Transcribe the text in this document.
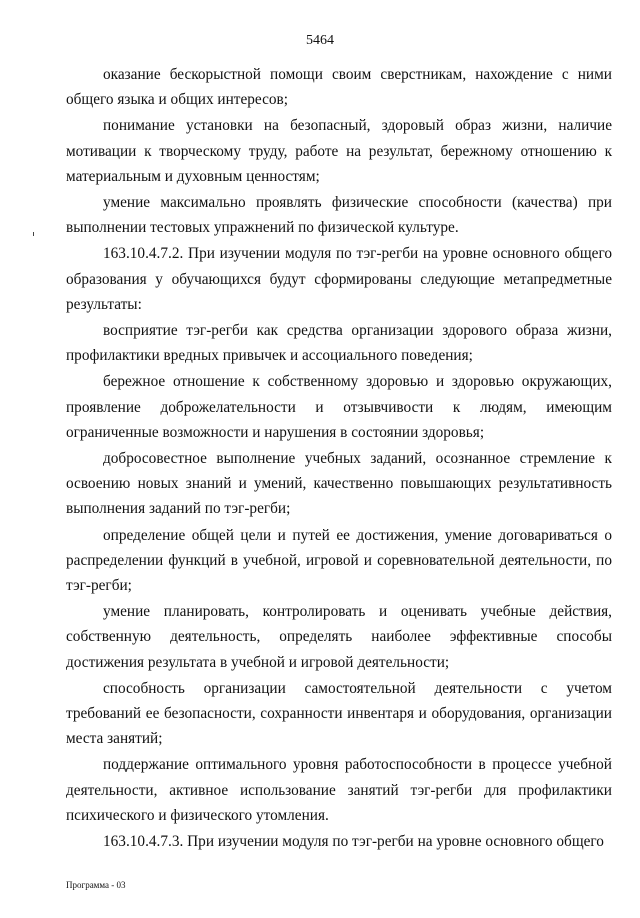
5464

оказание бескорыстной помощи своим сверстникам, нахождение с ними общего языка и общих интересов;

понимание установки на безопасный, здоровый образ жизни, наличие мотивации к творческому труду, работе на результат, бережному отношению к материальным и духовным ценностям;

умение максимально проявлять физические способности (качества) при выполнении тестовых упражнений по физической культуре.

163.10.4.7.2. При изучении модуля по тэг-регби на уровне основного общего образования у обучающихся будут сформированы следующие метапредметные результаты:

восприятие тэг-регби как средства организации здорового образа жизни, профилактики вредных привычек и ассоциального поведения;

бережное отношение к собственному здоровью и здоровью окружающих, проявление доброжелательности и отзывчивости к людям, имеющим ограниченные возможности и нарушения в состоянии здоровья;

добросовестное выполнение учебных заданий, осознанное стремление к освоению новых знаний и умений, качественно повышающих результативность выполнения заданий по тэг-регби;

определение общей цели и путей ее достижения, умение договариваться о распределении функций в учебной, игровой и соревновательной деятельности, по тэг-регби;

умение планировать, контролировать и оценивать учебные действия, собственную деятельность, определять наиболее эффективные способы достижения результата в учебной и игровой деятельности;

способность организации самостоятельной деятельности с учетом требований ее безопасности, сохранности инвентаря и оборудования, организации места занятий;

поддержание оптимального уровня работоспособности в процессе учебной деятельности, активное использование занятий тэг-регби для профилактики психического и физического утомления.

163.10.4.7.3. При изучении модуля по тэг-регби на уровне основного общего

Программа - 03
